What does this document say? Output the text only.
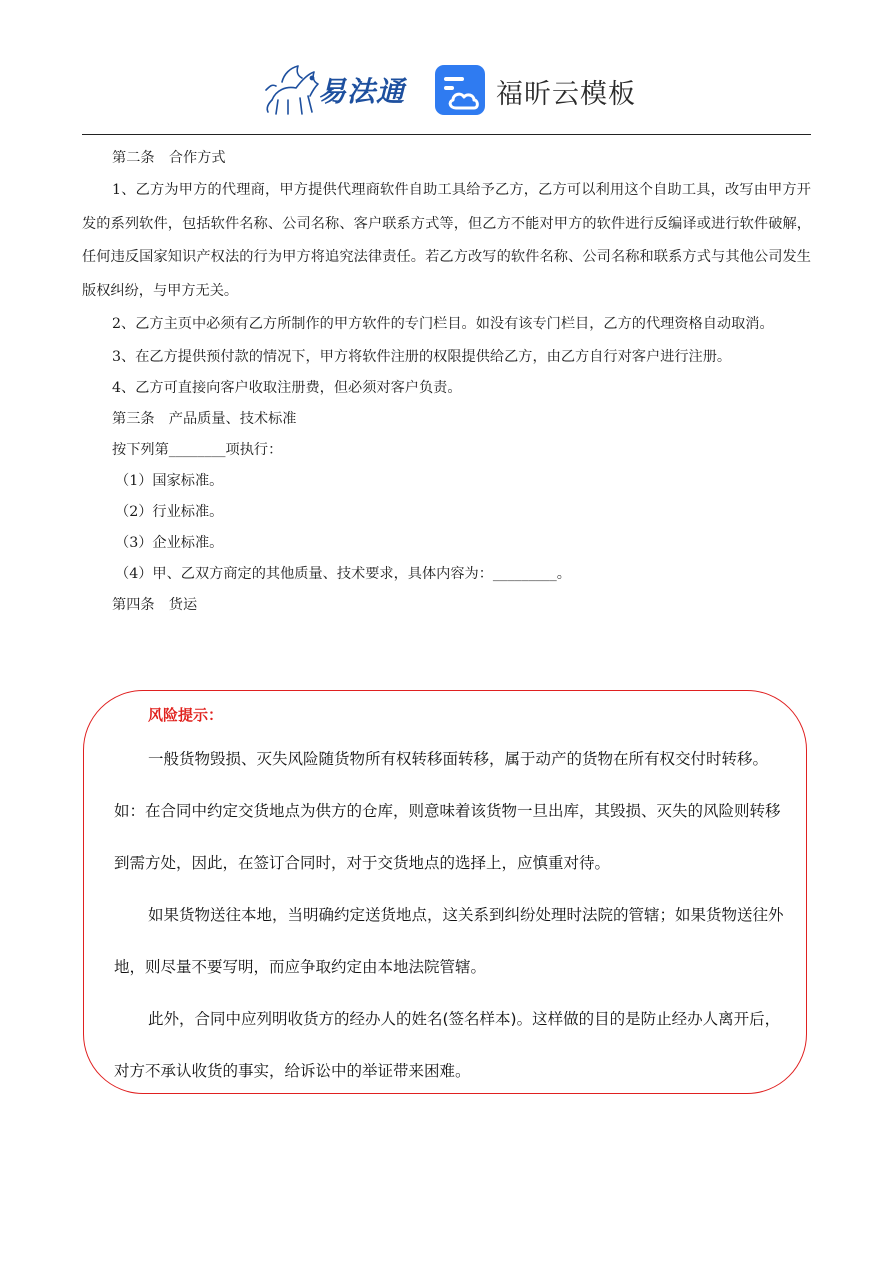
易法通	福昕云模板

第二条　合作方式

1、乙方为甲方的代理商，甲方提供代理商软件自助工具给予乙方，乙方可以利用这个自助工具，改写由甲方开发的系列软件，包括软件名称、公司名称、客户联系方式等，但乙方不能对甲方的软件进行反编译或进行软件破解，任何违反国家知识产权法的行为甲方将追究法律责任。若乙方改写的软件名称、公司名称和联系方式与其他公司发生版权纠纷，与甲方无关。

2、乙方主页中必须有乙方所制作的甲方软件的专门栏目。如没有该专门栏目，乙方的代理资格自动取消。

3、在乙方提供预付款的情况下，甲方将软件注册的权限提供给乙方，由乙方自行对客户进行注册。

4、乙方可直接向客户收取注册费，但必须对客户负责。

第三条　产品质量、技术标准

按下列第________项执行：

（1）国家标准。

（2）行业标准。

（3）企业标准。

（4）甲、乙双方商定的其他质量、技术要求，具体内容为：_________。

第四条　货运

风险提示：

一般货物毁损、灭失风险随货物所有权转移面转移，属于动产的货物在所有权交付时转移。如：在合同中约定交货地点为供方的仓库，则意味着该货物一旦出库，其毁损、灭失的风险则转移到需方处，因此，在签订合同时，对于交货地点的选择上，应慎重对待。

如果货物送往本地，当明确约定送货地点，这关系到纠纷处理时法院的管辖；如果货物送往外地，则尽量不要写明，而应争取约定由本地法院管辖。

此外，合同中应列明收货方的经办人的姓名(签名样本)。这样做的目的是防止经办人离开后，对方不承认收货的事实，给诉讼中的举证带来困难。
